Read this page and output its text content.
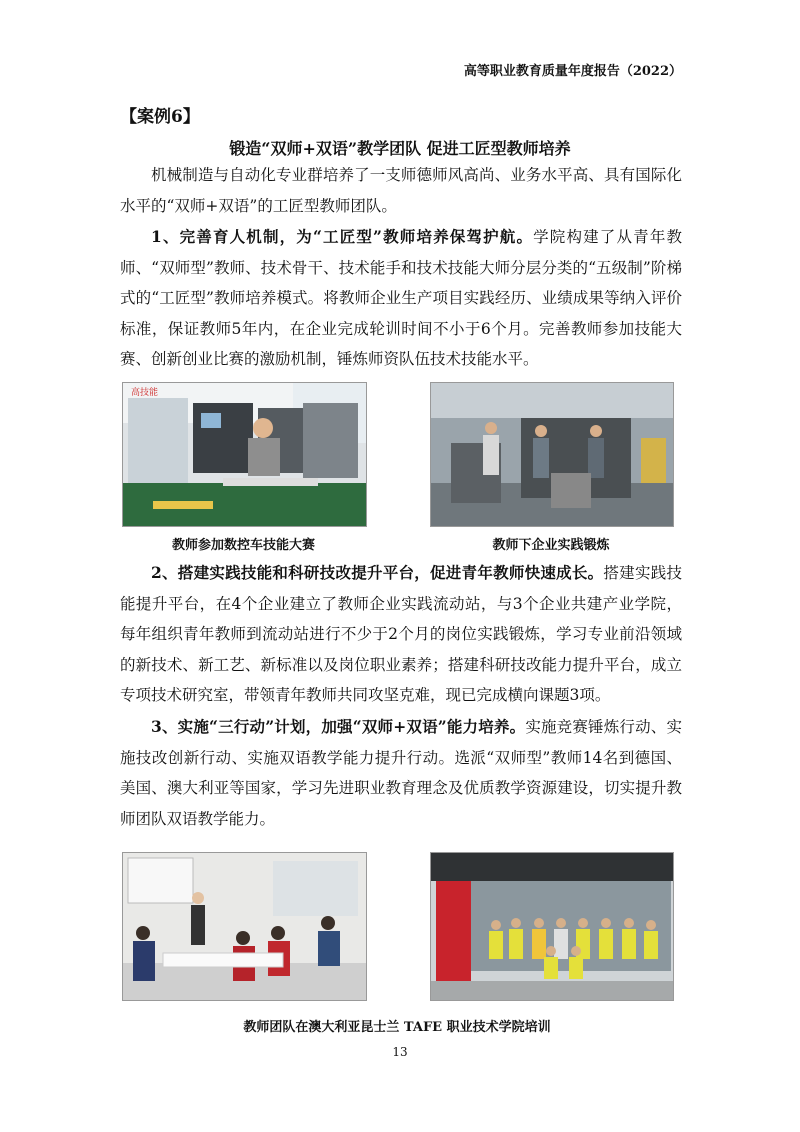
高等职业教育质量年度报告（2022）
【案例6】
锻造“双师+双语”教学团队 促进工匠型教师培养
机械制造与自动化专业群培养了一支师德师风高尚、业务水平高、具有国际化水平的“双师+双语”的工匠型教师团队。
1、完善育人机制，为“工匠型”教师培养保驾护航。学院构建了从青年教师、“双师型”教师、技术骨干、技术能手和技术技能大师分层分类的“五级制”阶梯式的“工匠型”教师培养模式。将教师企业生产项目实践经历、业绩成果等纳入评价标准，保证教师5年内，在企业完成轮训时间不小于6个月。完善教师参加技能大赛、创新创业比赛的激励机制，锤炼师资队伍技术技能水平。
高技能
教师参加数控车技能大赛	教师下企业实践锻炼
2、搭建实践技能和科研技改提升平台，促进青年教师快速成长。搭建实践技能提升平台，在4个企业建立了教师企业实践流动站，与3个企业共建产业学院，每年组织青年教师到流动站进行不少于2个月的岗位实践锻炼，学习专业前沿领域的新技术、新工艺、新标准以及岗位职业素养；搭建科研技改能力提升平台，成立专项技术研究室，带领青年教师共同攻坚克难，现已完成横向课题3项。
3、实施“三行动”计划，加强“双师+双语”能力培养。实施竞赛锤炼行动、实施技改创新行动、实施双语教学能力提升行动。选派“双师型”教师14名到德国、美国、澳大利亚等国家，学习先进职业教育理念及优质教学资源建设，切实提升教师团队双语教学能力。
教师团队在澳大利亚昆士兰 TAFE 职业技术学院培训
13
